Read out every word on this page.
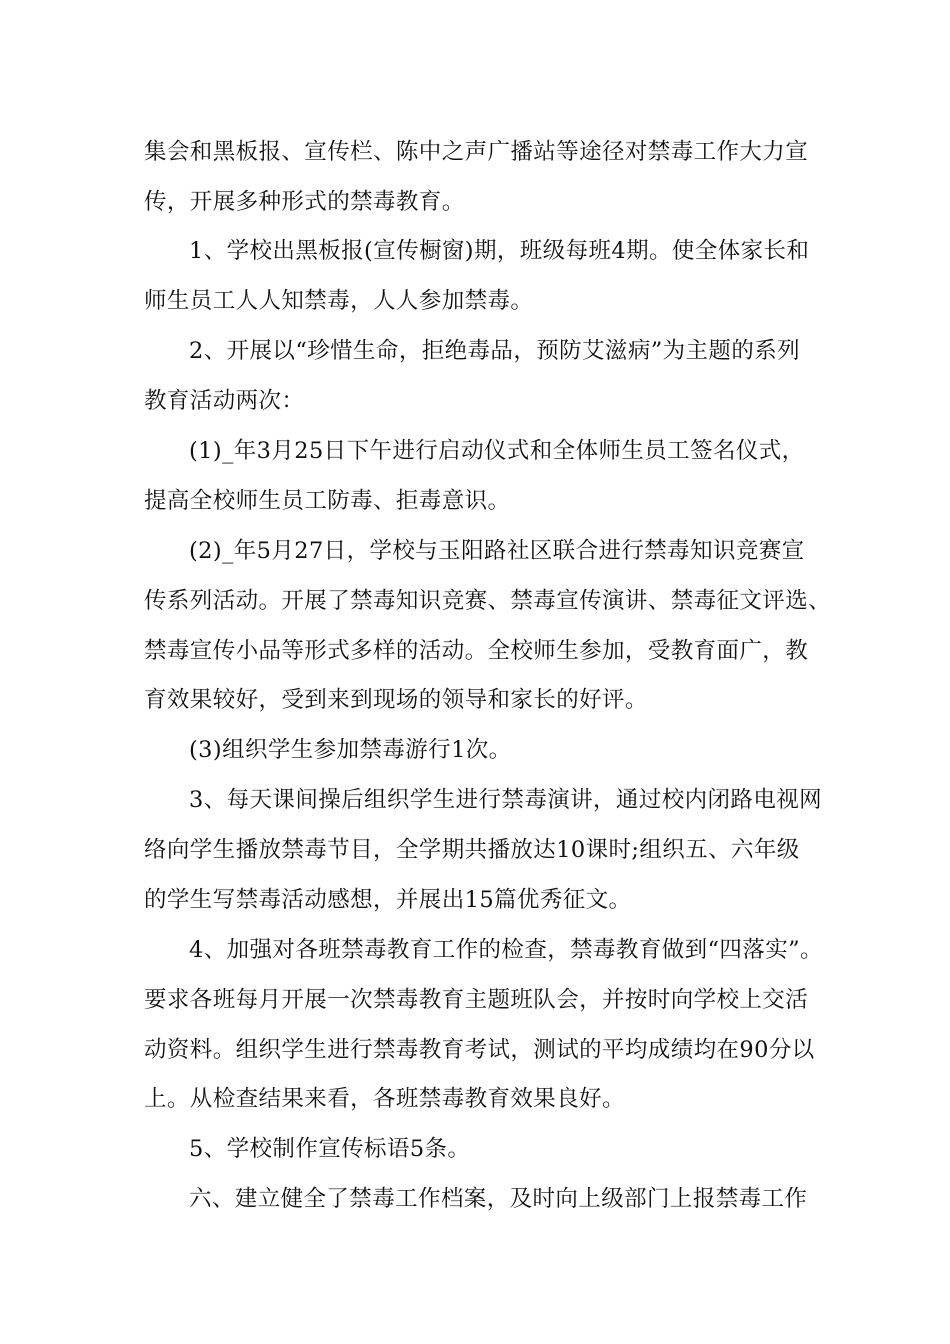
集会和黑板报、宣传栏、陈中之声广播站等途径对禁毒工作大力宣
传，开展多种形式的禁毒教育。
1、学校出黑板报(宣传橱窗)期，班级每班4期。使全体家长和
师生员工人人知禁毒，人人参加禁毒。
2、开展以“珍惜生命，拒绝毒品，预防艾滋病”为主题的系列
教育活动两次：
(1)_年3月25日下午进行启动仪式和全体师生员工签名仪式，
提高全校师生员工防毒、拒毒意识。
(2)_年5月27日，学校与玉阳路社区联合进行禁毒知识竞赛宣
传系列活动。开展了禁毒知识竞赛、禁毒宣传演讲、禁毒征文评选、
禁毒宣传小品等形式多样的活动。全校师生参加，受教育面广，教
育效果较好，受到来到现场的领导和家长的好评。
(3)组织学生参加禁毒游行1次。
3、每天课间操后组织学生进行禁毒演讲，通过校内闭路电视网
络向学生播放禁毒节目，全学期共播放达10课时;组织五、六年级
的学生写禁毒活动感想，并展出15篇优秀征文。
4、加强对各班禁毒教育工作的检查，禁毒教育做到“四落实”。
要求各班每月开展一次禁毒教育主题班队会，并按时向学校上交活
动资料。组织学生进行禁毒教育考试，测试的平均成绩均在90分以
上。从检查结果来看，各班禁毒教育效果良好。
5、学校制作宣传标语5条。
六、建立健全了禁毒工作档案，及时向上级部门上报禁毒工作
